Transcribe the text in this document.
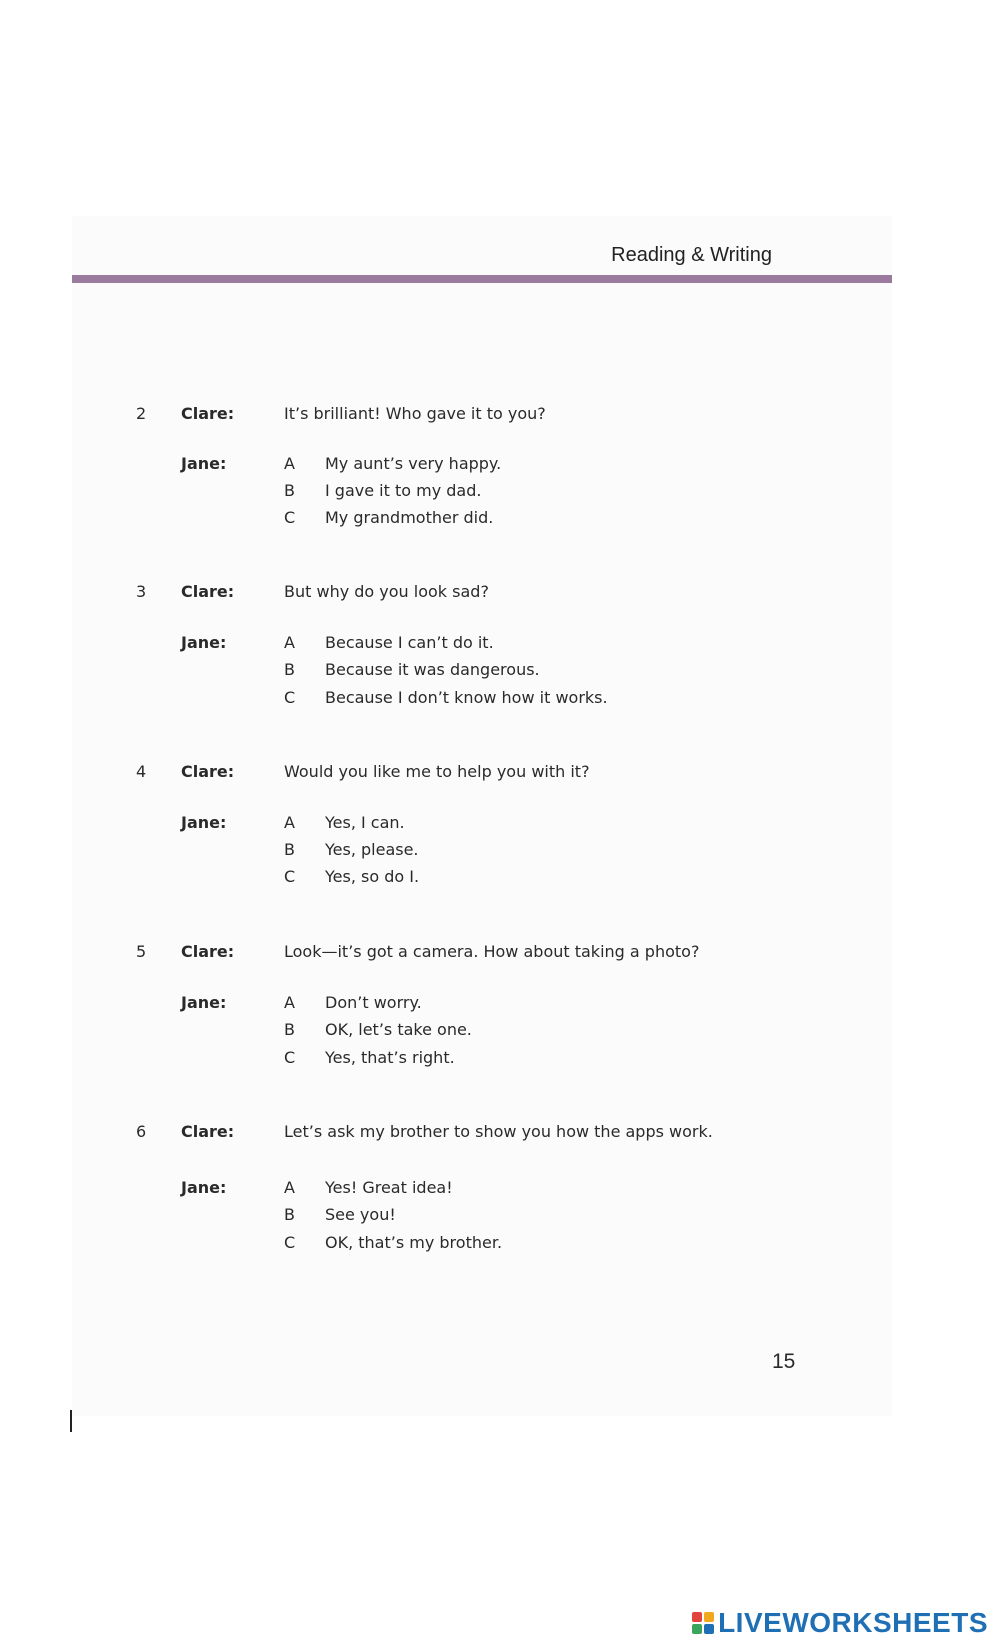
Reading & Writing
2 Clare:	It’s brilliant! Who gave it to you?
Jane:	A My aunt’s very happy.
B I gave it to my dad.
C My grandmother did.
3 Clare:	But why do you look sad?
Jane:	A Because I can’t do it.
B Because it was dangerous.
C Because I don’t know how it works.
4 Clare:	Would you like me to help you with it?
Jane:	A Yes, I can.
B Yes, please.
C Yes, so do I.
5 Clare:	Look—it’s got a camera. How about taking a photo?
Jane:	A Don’t worry.
B OK, let’s take one.
C Yes, that’s right.
6 Clare:	Let’s ask my brother to show you how the apps work.
Jane:	A Yes! Great idea!
B See you!
C OK, that’s my brother.
15
LIVEWORKSHEETS
